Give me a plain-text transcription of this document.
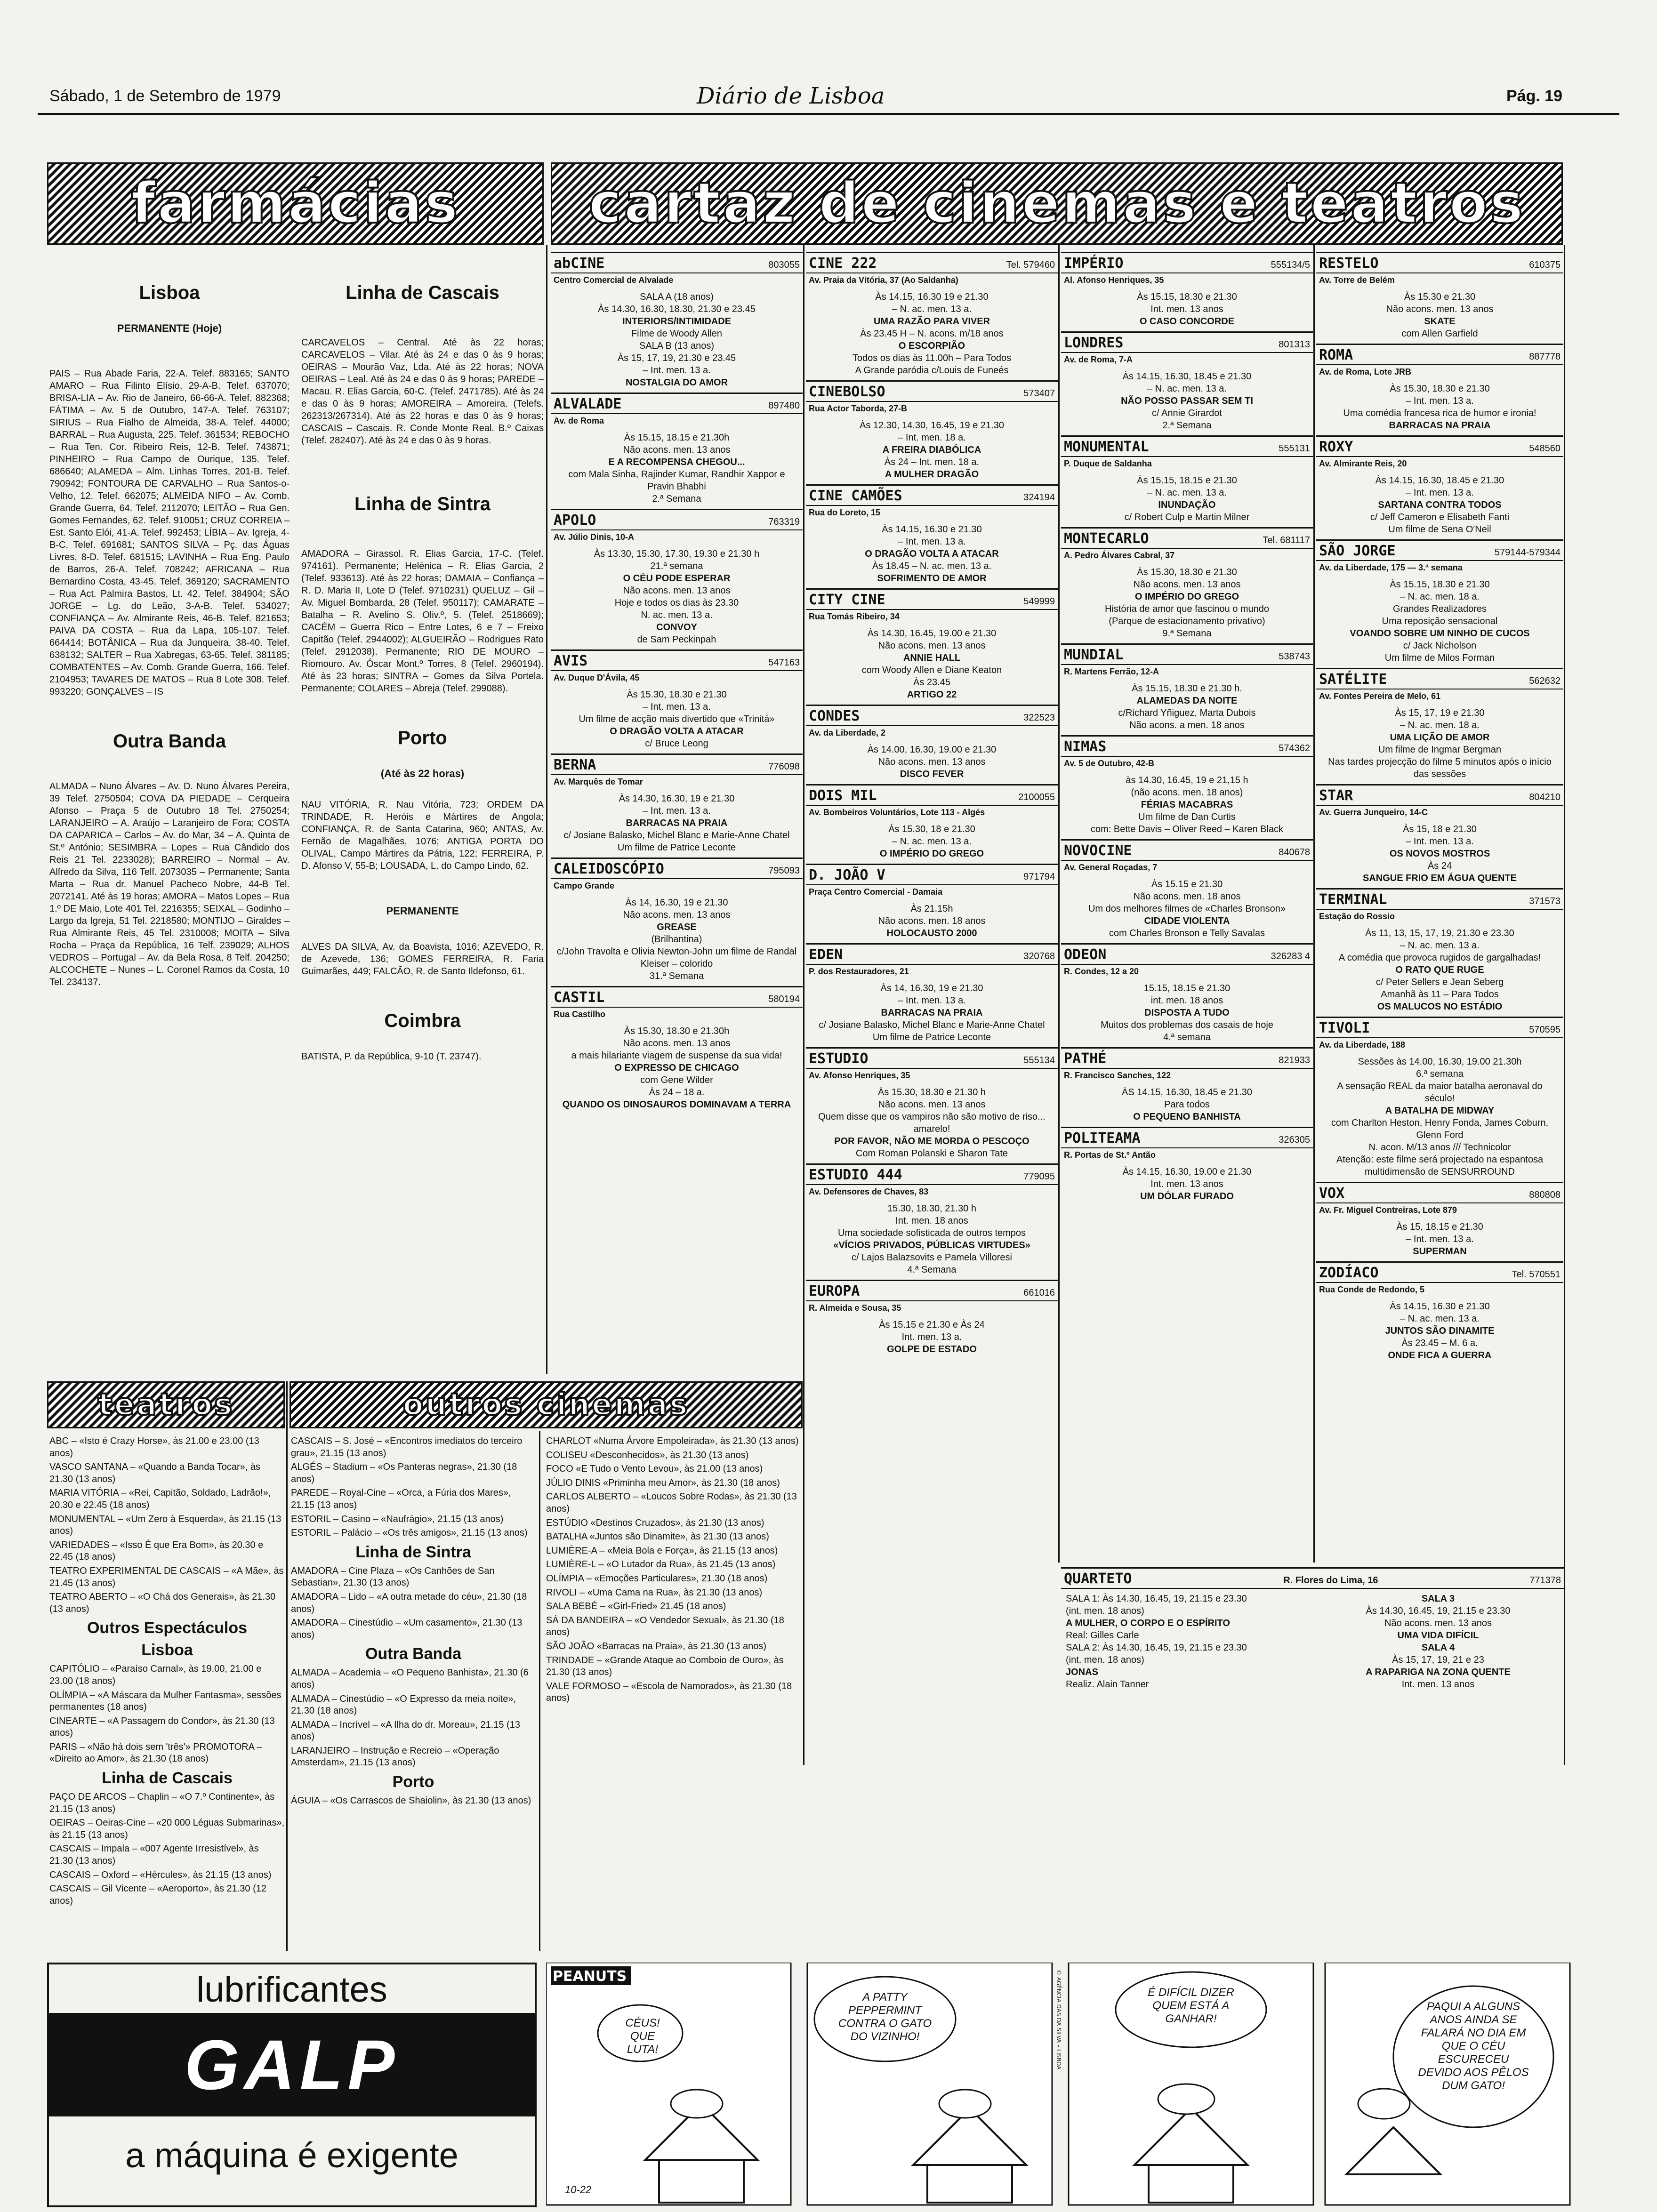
Sábado, 1 de Setembro de 1979	Diário de Lisboa	Pág. 19
farmácias cartaz de cinemas e teatros
Lisboa
PERMANENTE (Hoje)
PAIS – Rua Abade Faria, 22-A. Telef. 883165; SANTO AMARO – Rua Filinto Elísio, 29-A-B. Telef. 637070; BRISA-LIA – Av. Rio de Janeiro, 66-66-A. Telef. 882368; FÁTIMA – Av. 5 de Outubro, 147-A. Telef. 763107; SIRIUS – Rua Fialho de Almeida, 38-A. Telef. 44000; BARRAL – Rua Augusta, 225. Telef. 361534; REBOCHO – Rua Ten. Cor. Ribeiro Reis, 12-B. Telef. 743871; PINHEIRO – Rua Campo de Ourique, 135. Telef. 686640; ALAMEDA – Alm. Linhas Torres, 201-B. Telef. 790942; FONTOURA DE CARVALHO – Rua Santos-o-Velho, 12. Telef. 662075; ALMEIDA NIFO – Av. Comb. Grande Guerra, 64. Telef. 2112070; LEITÃO – Rua Gen. Gomes Fernandes, 62. Telef. 910051; CRUZ CORREIA – Est. Santo Elói, 41-A. Telef. 992453; LÍBIA – Av. Igreja, 4-B-C. Telef. 691681; SANTOS SILVA – Pç. das Águas Livres, 8-D. Telef. 681515; LAVINHA – Rua Eng. Paulo de Barros, 26-A. Telef. 708242; AFRICANA – Rua Bernardino Costa, 43-45. Telef. 369120; SACRAMENTO – Rua Act. Palmira Bastos, Lt. 42. Telef. 384904; SÃO JORGE – Lg. do Leão, 3-A-B. Telef. 534027; CONFIANÇA – Av. Almirante Reis, 46-B. Telef. 821653; PAIVA DA COSTA – Rua da Lapa, 105-107. Telef. 664414; BOTÂNICA – Rua da Junqueira, 38-40. Telef. 638132; SALTER – Rua Xabregas, 63-65. Telef. 381185; COMBATENTES – Av. Comb. Grande Guerra, 166. Telef. 2104953; TAVARES DE MATOS – Rua 8 Lote 308. Telef. 993220; GONÇALVES – IS
Outra Banda
ALMADA – Nuno Álvares – Av. D. Nuno Álvares Pereira, 39 Telef. 2750504; COVA DA PIEDADE – Cerqueira Afonso – Praça 5 de Outubro 18 Tel. 2750254; LARANJEIRO – A. Araújo – Laranjeiro de Fora; COSTA DA CAPARICA – Carlos – Av. do Mar, 34 – A. Quinta de St.º António; SESIMBRA – Lopes – Rua Cândido dos Reis 21 Tel. 2233028); BARREIRO – Normal – Av. Alfredo da Silva, 116 Telf. 2073035 – Permanente; Santa Marta – Rua dr. Manuel Pacheco Nobre, 44-B Tel. 2072141. Até às 19 horas; AMORA – Matos Lopes – Rua 1.º DE Maio, Lote 401 Tel. 2216355; SEIXAL – Godinho – Largo da Igreja, 51 Tel. 2218580; MONTIJO – Giraldes – Rua Almirante Reis, 45 Tel. 2310008; MOITA – Silva Rocha – Praça da República, 16 Telf. 239029; ALHOS VEDROS – Portugal – Av. da Bela Rosa, 8 Telf. 204250; ALCOCHETE – Nunes – L. Coronel Ramos da Costa, 10 Tel. 234137.
Linha de Cascais
CARCAVELOS – Central. Até às 22 horas; CARCAVELOS – Vilar. Até às 24 e das 0 às 9 horas; OEIRAS – Mourão Vaz, Lda. Até às 22 horas; NOVA OEIRAS – Leal. Até às 24 e das 0 às 9 horas; PAREDE – Macau. R. Elias Garcia, 60-C. (Telef. 2471785). Até às 24 e das 0 às 9 horas; AMOREIRA – Amoreira. (Telefs. 262313/267314). Até às 22 horas e das 0 às 9 horas; CASCAIS – Cascais. R. Conde Monte Real. B.º Caixas (Telef. 282407). Até às 24 e das 0 às 9 horas.
Linha de Sintra
AMADORA – Girassol. R. Elias Garcia, 17-C. (Telef. 974161). Permanente; Helénica – R. Elias Garcia, 2 (Telef. 933613). Até às 22 horas; DAMAIA – Confiança – R. D. Maria II, Lote D (Telef. 9710231) QUELUZ – Gil – Av. Miguel Bombarda, 28 (Telef. 950117); CAMARATE – Batalha – R. Avelino S. Oliv.º, 5. (Telef. 2518669); CACÉM – Guerra Rico – Entre Lotes, 6 e 7 – Freixo Capitão (Telef. 2944002); ALGUEIRÃO – Rodrigues Rato (Telef. 2912038). Permanente; RIO DE MOURO – Riomouro. Av. Óscar Mont.º Torres, 8 (Telef. 2960194). Até às 23 horas; SINTRA – Gomes da Silva Portela. Permanente; COLARES – Abreja (Telef. 299088).
Porto
(Até às 22 horas)
NAU VITÓRIA, R. Nau Vitória, 723; ORDEM DA TRINDADE, R. Heróis e Mártires de Angola; CONFIANÇA, R. de Santa Catarina, 960; ANTAS, Av. Fernão de Magalhães, 1076; ANTIGA PORTA DO OLIVAL, Campo Mártires da Pátria, 122; FERREIRA, P. D. Afonso V, 55-B; LOUSADA, L. do Campo Lindo, 62.
PERMANENTE
ALVES DA SILVA, Av. da Boavista, 1016; AZEVEDO, R. de Azevede, 136; GOMES FERREIRA, R. Faria Guimarães, 449; FALCÃO, R. de Santo Ildefonso, 61.
Coimbra
BATISTA, P. da República, 9-10 (T. 23747).
abCINE	803055
Centro Comercial de Alvalade
SALA A (18 anos)
Às 14.30, 16.30, 18.30, 21.30 e 23.45
INTERIORS/INTIMIDADE
Filme de Woody Allen
SALA B (13 anos)
Às 15, 17, 19, 21.30 e 23.45
– Int. men. 13 a.
NOSTALGIA DO AMOR
ALVALADE	897480
Av. de Roma
Às 15.15, 18.15 e 21.30h
Não acons. men. 13 anos
E A RECOMPENSA CHEGOU...
com Mala Sinha, Rajinder Kumar, Randhir Xappor e Pravin Bhabhi
2.ª Semana
APOLO	763319
Av. Júlio Dinis, 10-A
Às 13.30, 15.30, 17.30, 19.30 e 21.30 h
21.ª semana
O CÉU PODE ESPERAR
Não acons. men. 13 anos
Hoje e todos os dias às 23.30
N. ac. men. 13 a.
CONVOY
de Sam Peckinpah
AVIS	547163
Av. Duque D'Ávila, 45
Às 15.30, 18.30 e 21.30
– Int. men. 13 a.
Um filme de acção mais divertido que «Trinitá»
O DRAGÃO VOLTA A ATACAR
c/ Bruce Leong
BERNA	776098
Av. Marquês de Tomar
Às 14.30, 16.30, 19 e 21.30
– Int. men. 13 a.
BARRACAS NA PRAIA
c/ Josiane Balasko, Michel Blanc e Marie-Anne Chatel
Um filme de Patrice Leconte
CALEIDOSCÓPIO	795093
Campo Grande
Às 14, 16.30, 19 e 21.30
Não acons. men. 13 anos
GREASE
(Brilhantina)
c/John Travolta e Olivia Newton-John um filme de Randal Kleiser – colorido
31.ª Semana
CASTIL	580194
Rua Castilho
Às 15.30, 18.30 e 21.30h
Não acons. men. 13 anos
a mais hilariante viagem de suspense da sua vida!
O EXPRESSO DE CHICAGO
com Gene Wilder
Às 24 – 18 a.
QUANDO OS DINOSAUROS DOMINAVAM A TERRA
CINE 222	Tel. 579460
Av. Praia da Vitória, 37 (Ao Saldanha)
Às 14.15, 16.30 19 e 21.30
– N. ac. men. 13 a.
UMA RAZÃO PARA VIVER
Às 23.45 H – N. acons. m/18 anos
O ESCORPIÃO
Todos os dias às 11.00h – Para Todos
A Grande paródia c/Louis de Funeés
CINEBOLSO	573407
Rua Actor Taborda, 27-B
Às 12.30, 14.30, 16.45, 19 e 21.30
– Int. men. 18 a.
A FREIRA DIABÓLICA
Às 24 – Int. men. 18 a.
A MULHER DRAGÃO
CINE CAMÕES	324194
Rua do Loreto, 15
Às 14.15, 16.30 e 21.30
– Int. men. 13 a.
O DRAGÃO VOLTA A ATACAR
Às 18.45 – N. ac. men. 13 a.
SOFRIMENTO DE AMOR
CITY CINE	549999
Rua Tomás Ribeiro, 34
Às 14.30, 16.45, 19.00 e 21.30
Não acons. men. 13 anos
ANNIE HALL
com Woody Allen e Diane Keaton
Às 23.45
ARTIGO 22
CONDES	322523
Av. da Liberdade, 2
Às 14.00, 16.30, 19.00 e 21.30
Não acons. men. 13 anos
DISCO FEVER
DOIS MIL	2100055
Av. Bombeiros Voluntários, Lote 113 - Algés
Às 15.30, 18 e 21.30
– N. ac. men. 13 a.
O IMPÉRIO DO GREGO
D. JOÃO V	971794
Praça Centro Comercial - Damaia
Às 21.15h
Não acons. men. 18 anos
HOLOCAUSTO 2000
EDEN	320768
P. dos Restauradores, 21
Às 14, 16.30, 19 e 21.30
– Int. men. 13 a.
BARRACAS NA PRAIA
c/ Josiane Balasko, Michel Blanc e Marie-Anne Chatel
Um filme de Patrice Leconte
ESTUDIO	555134
Av. Afonso Henriques, 35
Às 15.30, 18.30 e 21.30 h
Não acons. men. 13 anos
Quem disse que os vampiros não são motivo de riso... amarelo!
POR FAVOR, NÃO ME MORDA O PESCOÇO
Com Roman Polanski e Sharon Tate
ESTUDIO 444	779095
Av. Defensores de Chaves, 83
15.30, 18.30, 21.30 h
Int. men. 18 anos
Uma sociedade sofisticada de outros tempos
«VÍCIOS PRIVADOS, PÚBLICAS VIRTUDES»
c/ Lajos Balazsovits e Pamela Villoresi
4.ª Semana
EUROPA	661016
R. Almeida e Sousa, 35
Às 15.15 e 21.30 e Às 24
Int. men. 13 a.
GOLPE DE ESTADO
IMPÉRIO	555134/5
Al. Afonso Henriques, 35
Às 15.15, 18.30 e 21.30
Int. men. 13 anos
O CASO CONCORDE
LONDRES	801313
Av. de Roma, 7-A
Às 14.15, 16.30, 18.45 e 21.30
– N. ac. men. 13 a.
NÃO POSSO PASSAR SEM TI
c/ Annie Girardot
2.ª Semana
MONUMENTAL	555131
P. Duque de Saldanha
Às 15.15, 18.15 e 21.30
– N. ac. men. 13 a.
INUNDAÇÃO
c/ Robert Culp e Martin Milner
MONTECARLO	Tel. 681117
A. Pedro Álvares Cabral, 37
Às 15.30, 18.30 e 21.30
Não acons. men. 13 anos
O IMPÉRIO DO GREGO
História de amor que fascinou o mundo
(Parque de estacionamento privativo)
9.ª Semana
MUNDIAL	538743
R. Martens Ferrão, 12-A
Às 15.15, 18.30 e 21.30 h.
ALAMEDAS DA NOITE
c/Richard Yñiguez, Marta Dubois
Não acons. a men. 18 anos
NIMAS	574362
Av. 5 de Outubro, 42-B
às 14.30, 16.45, 19 e 21,15 h
(não acons. men. 18 anos)
FÉRIAS MACABRAS
Um filme de Dan Curtis
com: Bette Davis – Oliver Reed – Karen Black
NOVOCINE	840678
Av. General Roçadas, 7
Às 15.15 e 21.30
Não acons. men. 18 anos
Um dos melhores filmes de «Charles Bronson»
CIDADE VIOLENTA
com Charles Bronson e Telly Savalas
ODEON	326283 4
R. Condes, 12 a 20
15.15, 18.15 e 21.30
int. men. 18 anos
DISPOSTA A TUDO
Muitos dos problemas dos casais de hoje
4.ª semana
PATHÉ	821933
R. Francisco Sanches, 122
ÀS 14.15, 16.30, 18.45 e 21.30
Para todos
O PEQUENO BANHISTA
POLITEAMA	326305
R. Portas de St.º Antão
Às 14.15, 16.30, 19.00 e 21.30
Int. men. 13 anos
UM DÓLAR FURADO
RESTELO	610375
Av. Torre de Belém
Às 15.30 e 21.30
Não acons. men. 13 anos
SKATE
com Allen Garfield
ROMA	887778
Av. de Roma, Lote JRB
Às 15.30, 18.30 e 21.30
– Int. men. 13 a.
Uma comédia francesa rica de humor e ironia!
BARRACAS NA PRAIA
ROXY	548560
Av. Almirante Reis, 20
Às 14.15, 16.30, 18.45 e 21.30
– Int. men. 13 a.
SARTANA CONTRA TODOS
c/ Jeff Cameron e Elisabeth Fanti
Um filme de Sena O'Neil
SÃO JORGE	579144-579344
Av. da Liberdade, 175 — 3.ª semana
Às 15.15, 18.30 e 21.30
– N. ac. men. 18 a.
Grandes Realizadores
Uma reposição sensacional
VOANDO SOBRE UM NINHO DE CUCOS
c/ Jack Nicholson
Um filme de Milos Forman
SATÉLITE	562632
Av. Fontes Pereira de Melo, 61
Às 15, 17, 19 e 21.30
– N. ac. men. 18 a.
UMA LIÇÃO DE AMOR
Um filme de Ingmar Bergman
Nas tardes projecção do filme 5 minutos após o início das sessões
STAR	804210
Av. Guerra Junqueiro, 14-C
Às 15, 18 e 21.30
– Int. men. 13 a.
OS NOVOS MOSTROS
Às 24
SANGUE FRIO EM ÁGUA QUENTE
TERMINAL	371573
Estação do Rossio
Às 11, 13, 15, 17, 19, 21.30 e 23.30
– N. ac. men. 13 a.
A comédia que provoca rugidos de gargalhadas!
O RATO QUE RUGE
c/ Peter Sellers e Jean Seberg
Amanhã às 11 – Para Todos
OS MALUCOS NO ESTÁDIO
TIVOLI	570595
Av. da Liberdade, 188
Sessões às 14.00, 16.30, 19.00 21.30h
6.ª semana
A sensação REAL da maior batalha aeronaval do século!
A BATALHA DE MIDWAY
com Charlton Heston, Henry Fonda, James Coburn, Glenn Ford
N. acon. M/13 anos /// Technicolor
Atenção: este filme será projectado na espantosa multidimensão de SENSURROUND
VOX	880808
Av. Fr. Miguel Contreiras, Lote 879
Às 15, 18.15 e 21.30
– Int. men. 13 a.
SUPERMAN
ZODÍACO	Tel. 570551
Rua Conde de Redondo, 5
Às 14.15, 16.30 e 21.30
– N. ac. men. 13 a.
JUNTOS SÃO DINAMITE
Às 23.45 – M. 6 a.
ONDE FICA A GUERRA
QUARTETO	R. Flores do Lima, 16	771378
SALA 1: Às 14.30, 16.45, 19, 21.15 e 23.30
(int. men. 18 anos)
A MULHER, O CORPO E O ESPÍRITO
Real: Gilles Carle
SALA 2: Às 14.30, 16.45, 19, 21.15 e 23.30
(int. men. 18 anos)
JONAS
Realiz. Alain Tanner
SALA 3
Às 14.30, 16.45, 19, 21.15 e 23.30
Não acons. men. 13 anos
UMA VIDA DIFÍCIL
SALA 4
Às 15, 17, 19, 21 e 23
A RAPARIGA NA ZONA QUENTE
Int. men. 13 anos
teatros	outros cinemas
ABC – «Isto é Crazy Horse», às 21.00 e 23.00 (13 anos)
VASCO SANTANA – «Quando a Banda Tocar», às 21.30 (13 anos)
MARIA VITÓRIA – «Rei, Capitão, Soldado, Ladrão!», 20.30 e 22.45 (18 anos)
MONUMENTAL – «Um Zero à Esquerda», às 21.15 (13 anos)
VARIEDADES – «Isso É que Era Bom», às 20.30 e 22.45 (18 anos)
TEATRO EXPERIMENTAL DE CASCAIS – «A Mãe», às 21.45 (13 anos)
TEATRO ABERTO – «O Chá dos Generais», às 21.30 (13 anos)
Outros Espectáculos
Lisboa
CAPITÓLIO – «Paraíso Carnal», às 19.00, 21.00 e 23.00 (18 anos)
OLÍMPIA – «A Máscara da Mulher Fantasma», sessões permanentes (18 anos)
CINEARTE – «A Passagem do Condor», às 21.30 (13 anos)
PARIS – «Não há dois sem 'três'» PROMOTORA – «Direito ao Amor», às 21.30 (18 anos)
Linha de Cascais
PAÇO DE ARCOS – Chaplin – «O 7.º Continente», às 21.15 (13 anos)
OEIRAS – Oeiras-Cine – «20 000 Léguas Submarinas», às 21.15 (13 anos)
CASCAIS – Impala – «007 Agente Irresistível», às 21.30 (13 anos)
CASCAIS – Oxford – «Hércules», às 21.15 (13 anos)
CASCAIS – Gil Vicente – «Aeroporto», às 21.30 (12 anos)
CASCAIS – S. José – «Encontros imediatos do terceiro grau», 21.15 (13 anos)
ALGÉS – Stadium – «Os Panteras negras», 21.30 (18 anos)
PAREDE – Royal-Cine – «Orca, a Fúria dos Mares», 21.15 (13 anos)
ESTORIL – Casino – «Naufrágio», 21.15 (13 anos)
ESTORIL – Palácio – «Os três amigos», 21.15 (13 anos)
Linha de Sintra
AMADORA – Cine Plaza – «Os Canhões de San Sebastian», 21.30 (13 anos)
AMADORA – Lido – «A outra metade do céu», 21.30 (18 anos)
AMADORA – Cinestúdio – «Um casamento», 21.30 (13 anos)
Outra Banda
ALMADA – Academia – «O Pequeno Banhista», 21.30 (6 anos)
ALMADA – Cinestúdio – «O Expresso da meia noite», 21.30 (18 anos)
ALMADA – Incrível – «A Ilha do dr. Moreau», 21.15 (13 anos)
LARANJEIRO – Instrução e Recreio – «Operação Amsterdam», 21.15 (13 anos)
Porto
ÁGUIA – «Os Carrascos de Shaiolin», às 21.30 (13 anos)
CHARLOT «Numa Árvore Empoleirada», às 21.30 (13 anos)
COLISEU «Desconhecidos», às 21.30 (13 anos)
FOCO «E Tudo o Vento Levou», às 21.00 (13 anos)
JÚLIO DINIS «Priminha meu Amor», às 21.30 (18 anos)
CARLOS ALBERTO – «Loucos Sobre Rodas», às 21.30 (13 anos)
ESTÚDIO «Destinos Cruzados», às 21.30 (13 anos)
BATALHA «Juntos são Dinamite», às 21.30 (13 anos)
LUMIÈRE-A – «Meia Bola e Força», às 21.15 (13 anos)
LUMIÈRE-L – «O Lutador da Rua», às 21.45 (13 anos)
OLÍMPIA – «Emoções Particulares», 21.30 (18 anos)
RIVOLI – «Uma Cama na Rua», às 21.30 (13 anos)
SALA BEBÉ – «Girl-Fried» 21.45 (18 anos)
SÁ DA BANDEIRA – «O Vendedor Sexual», às 21.30 (18 anos)
SÃO JOÃO «Barracas na Praia», às 21.30 (13 anos)
TRINDADE – «Grande Ataque ao Comboio de Ouro», às 21.30 (13 anos)
VALE FORMOSO – «Escola de Namorados», às 21.30 (18 anos)
lubrificantes
GALP
a máquina é exigente
© AGÊNCIA DAS DA SILVA – LISBOA
PEANUTS
CÉUS! QUE LUTA!
A PATTY PEPPERMINT CONTRA O GATO DO VIZINHO!
É DIFÍCIL DIZER QUEM ESTÁ A GANHAR!
PAQUI A ALGUNS ANOS AINDA SE FALARÁ NO DIA EM QUE O CÉU ESCURECEU DEVIDO AOS PÊLOS DUM GATO!
10-22
